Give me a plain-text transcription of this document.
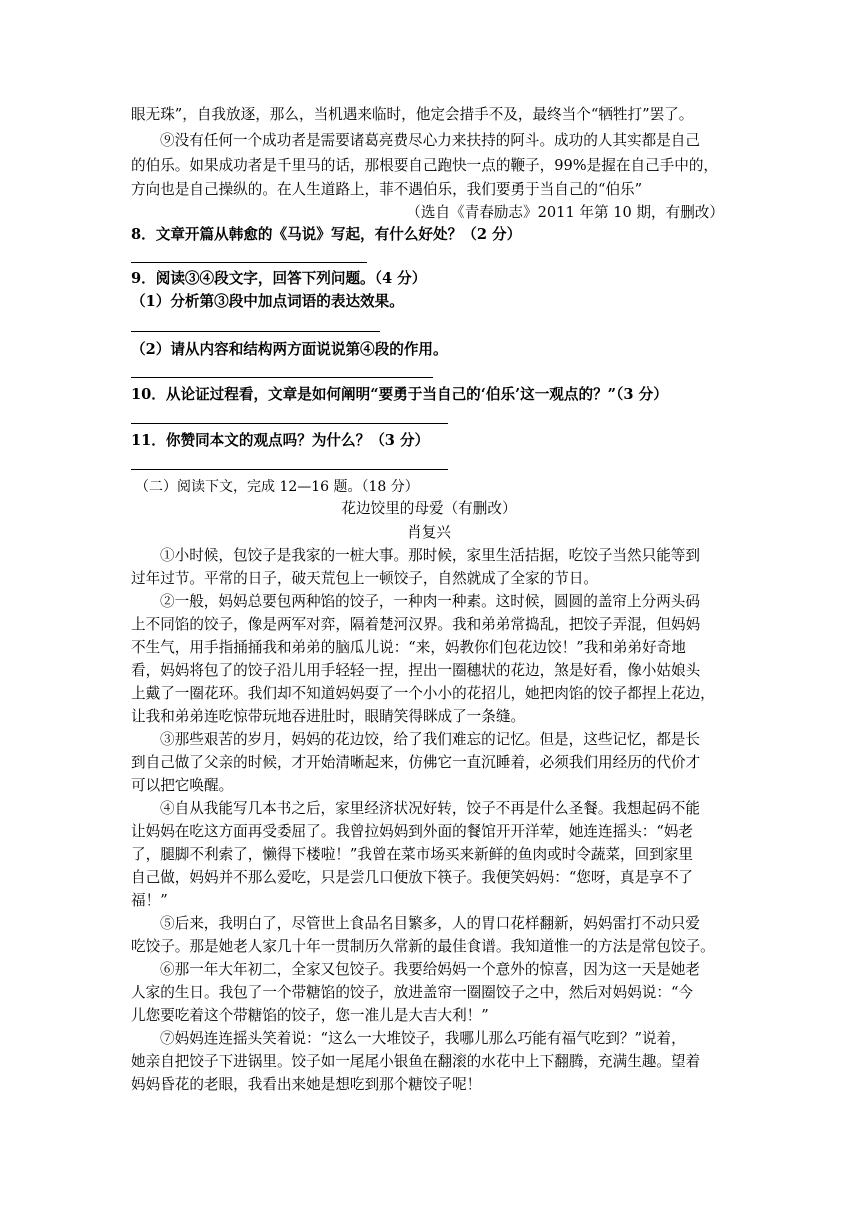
眼无珠”，自我放逐，那么，当机遇来临时，他定会措手不及，最终当个“牺牲打”罢了。
⑨没有任何一个成功者是需要诸葛亮费尽心力来扶持的阿斗。成功的人其实都是自己
的伯乐。如果成功者是千里马的话，那根要自己跑快一点的鞭子，99%是握在自己手中的，
方向也是自己操纵的。在人生道路上，菲不遇伯乐，我们要勇于当自己的“伯乐”
（选自《青春励志》2011 年第 10 期，有删改）
8．文章开篇从韩愈的《马说》写起，有什么好处？（2 分）
9．阅读③④段文字，回答下列问题。（4 分）
（1）分析第③段中加点词语的表达效果。
（2）请从内容和结构两方面说说第④段的作用。
10．从论证过程看，文章是如何阐明“要勇于当自己的‘伯乐’这一观点的？”（3 分）
11．你赞同本文的观点吗？为什么？（3 分）
（二）阅读下文，完成 12—16 题。（18 分）
花边饺里的母爱（有删改）
肖复兴
①小时候，包饺子是我家的一桩大事。那时候，家里生活拮据，吃饺子当然只能等到
过年过节。平常的日子，破天荒包上一顿饺子，自然就成了全家的节日。
②一般，妈妈总要包两种馅的饺子，一种肉一种素。这时候，圆圆的盖帘上分两头码
上不同馅的饺子，像是两军对弈，隔着楚河汉界。我和弟弟常捣乱，把饺子弄混，但妈妈
不生气，用手指捅捅我和弟弟的脑瓜儿说：“来，妈教你们包花边饺！”我和弟弟好奇地
看，妈妈将包了的饺子沿儿用手轻轻一捏，捏出一圈穗状的花边，煞是好看，像小姑娘头
上戴了一圈花环。我们却不知道妈妈耍了一个小小的花招儿，她把肉馅的饺子都捏上花边，
让我和弟弟连吃惊带玩地吞进肚时，眼睛笑得眯成了一条缝。
③那些艰苦的岁月，妈妈的花边饺，给了我们难忘的记忆。但是，这些记忆，都是长
到自己做了父亲的时候，才开始清晰起来，仿佛它一直沉睡着，必须我们用经历的代价才
可以把它唤醒。
④自从我能写几本书之后，家里经济状况好转，饺子不再是什么圣餐。我想起码不能
让妈妈在吃这方面再受委屈了。我曾拉妈妈到外面的餐馆开开洋荤，她连连摇头：“妈老
了，腿脚不利索了，懒得下楼啦！”我曾在菜市场买来新鲜的鱼肉或时令蔬菜，回到家里
自己做，妈妈并不那么爱吃，只是尝几口便放下筷子。我便笑妈妈：“您呀，真是享不了
福！”
⑤后来，我明白了，尽管世上食品名目繁多，人的胃口花样翻新，妈妈雷打不动只爱
吃饺子。那是她老人家几十年一贯制历久常新的最佳食谱。我知道惟一的方法是常包饺子。
⑥那一年大年初二，全家又包饺子。我要给妈妈一个意外的惊喜，因为这一天是她老
人家的生日。我包了一个带糖馅的饺子，放进盖帘一圈圈饺子之中，然后对妈妈说：“今
儿您要吃着这个带糖馅的饺子，您一准儿是大吉大利！”
⑦妈妈连连摇头笑着说：“这么一大堆饺子，我哪儿那么巧能有福气吃到？”说着，
她亲自把饺子下进锅里。饺子如一尾尾小银鱼在翻滚的水花中上下翻腾，充满生趣。望着
妈妈昏花的老眼，我看出来她是想吃到那个糖饺子呢！
